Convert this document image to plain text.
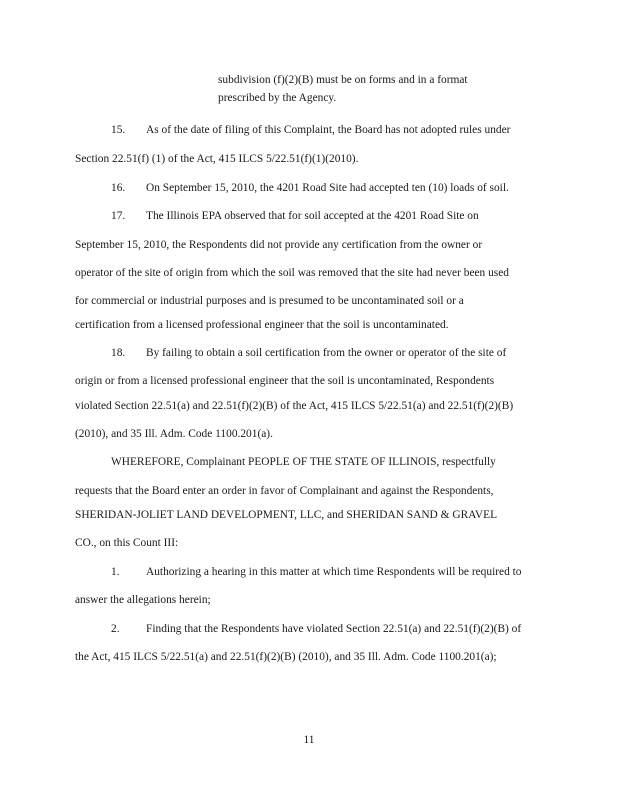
subdivision (f)(2)(B) must be on forms and in a format
prescribed by the Agency.
15. As of the date of filing of this Complaint, the Board has not adopted rules under
Section 22.51(f) (1) of the Act, 415 ILCS 5/22.51(f)(1)(2010).
16. On September 15, 2010, the 4201 Road Site had accepted ten (10) loads of soil.
17. The Illinois EPA observed that for soil accepted at the 4201 Road Site on
September 15, 2010, the Respondents did not provide any certification from the owner or
operator of the site of origin from which the soil was removed that the site had never been used
for commercial or industrial purposes and is presumed to be uncontaminated soil or a
certification from a licensed professional engineer that the soil is uncontaminated.
18. By failing to obtain a soil certification from the owner or operator of the site of
origin or from a licensed professional engineer that the soil is uncontaminated, Respondents
violated Section 22.51(a) and 22.51(f)(2)(B) of the Act, 415 ILCS 5/22.51(a) and 22.51(f)(2)(B)
(2010), and 35 Ill. Adm. Code 1100.201(a).
WHEREFORE, Complainant PEOPLE OF THE STATE OF ILLINOIS, respectfully
requests that the Board enter an order in favor of Complainant and against the Respondents,
SHERIDAN-JOLIET LAND DEVELOPMENT, LLC, and SHERIDAN SAND & GRAVEL
CO., on this Count III:
1. Authorizing a hearing in this matter at which time Respondents will be required to
answer the allegations herein;
2. Finding that the Respondents have violated Section 22.51(a) and 22.51(f)(2)(B) of
the Act, 415 ILCS 5/22.51(a) and 22.51(f)(2)(B) (2010), and 35 Ill. Adm. Code 1100.201(a);
11
